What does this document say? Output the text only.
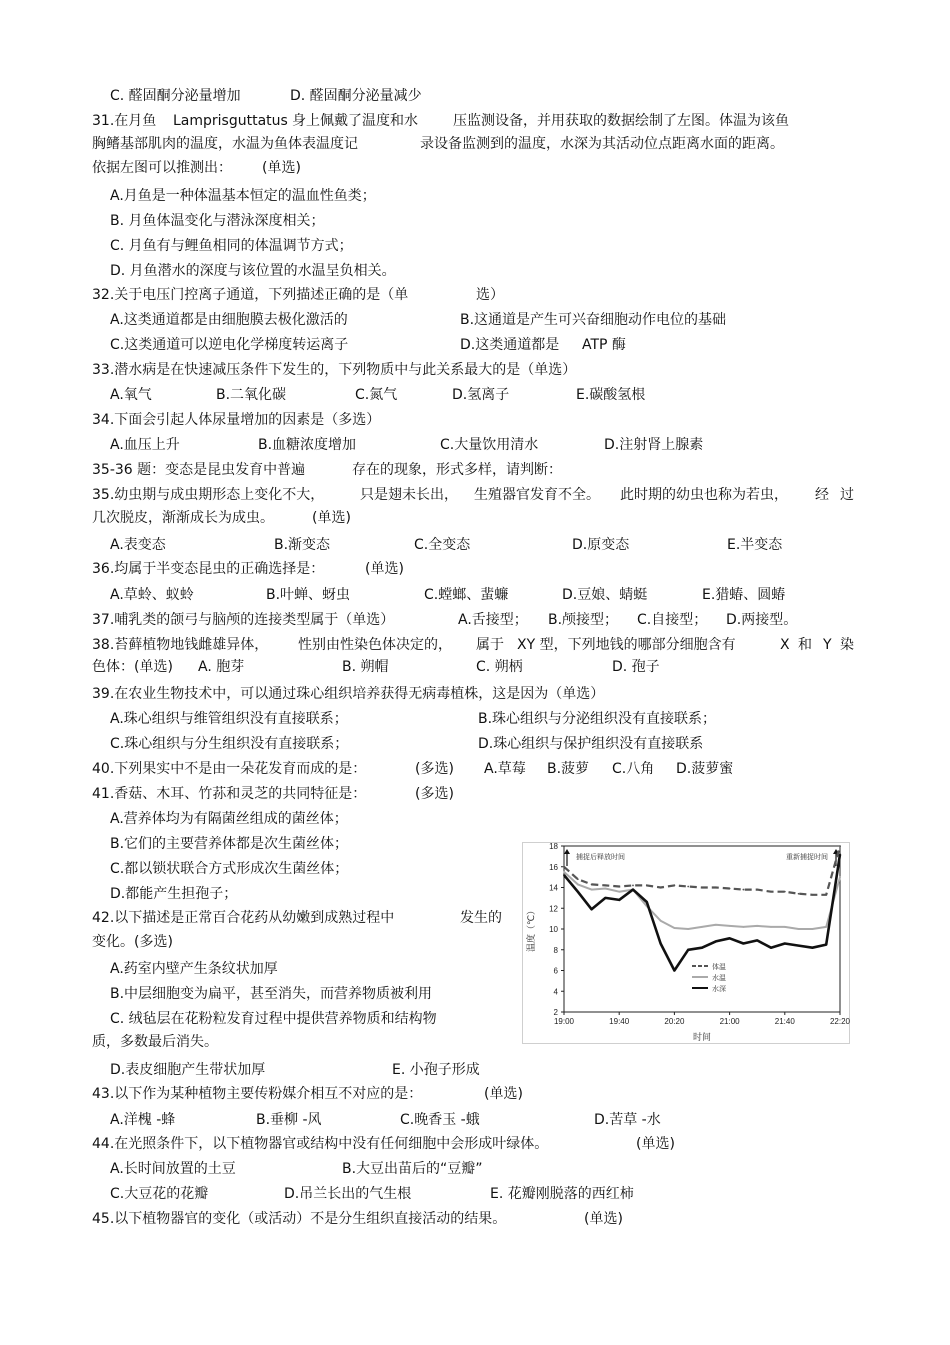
C. 醛固酮分泌量增加	D. 醛固酮分泌量减少
31.在月鱼 Lamprisguttatus 身上佩戴了温度和水	压监测设备，并用获取的数据绘制了左图。体温为该鱼
胸鳍基部肌肉的温度，水温为鱼体表温度记	录设备监测到的温度，水深为其活动位点距离水面的距离。
依据左图可以推测出： (单选)
A.月鱼是一种体温基本恒定的温血性鱼类；
B. 月鱼体温变化与潜泳深度相关；
C. 月鱼有与鲤鱼相同的体温调节方式；
D. 月鱼潜水的深度与该位置的水温呈负相关。
32.关于电压门控离子通道，下列描述正确的是（单	选）
A.这类通道都是由细胞膜去极化激活的	B.这通道是产生可兴奋细胞动作电位的基础
C.这类通道可以逆电化学梯度转运离子	D.这类通道都是 ATP 酶
33.潜水病是在快速减压条件下发生的，下列物质中与此关系最大的是（单选）
A.氧气	B.二氧化碳	C.氮气	D.氢离子	E.碳酸氢根
34.下面会引起人体尿量增加的因素是（多选）
A.血压上升	B.血糖浓度增加	C.大量饮用清水	D.注射肾上腺素
35-36 题：变态是昆虫发育中普遍	存在的现象，形式多样，请判断：
35.幼虫期与成虫期形态上变化不大，	只是翅未长出， 生殖器官发育不全。 此时期的幼虫也称为若虫， 经 过
几次脱皮，渐渐成长为成虫。	(单选)
A.表变态	B.渐变态	C.全变态	D.原变态	E.半变态
36.均属于半变态昆虫的正确选择是：	(单选)
A.草蛉、蚁蛉	B.叶蝉、蚜虫	C.螳螂、蜚蠊	D.豆娘、蜻蜓	E.猎蝽、圆蝽
37.哺乳类的颌弓与脑颅的连接类型属于（单选）	A.舌接型； B.颅接型； C.自接型； D.两接型。
38.苔藓植物地钱雌雄异体， 性别由性染色体决定的， 属于 XY 型，下列地钱的哪部分细胞含有	X 和 Y 染
色体：(单选) A. 胞芽	B. 朔帽	C. 朔柄	D. 孢子
39.在农业生物技术中，可以通过珠心组织培养获得无病毒植株，这是因为（单选）
A.珠心组织与维管组织没有直接联系；	B.珠心组织与分泌组织没有直接联系；
C.珠心组织与分生组织没有直接联系；	D.珠心组织与保护组织没有直接联系
40.下列果实中不是由一朵花发育而成的是：	(多选) A.草莓 B.菠萝 C.八角 D.菠萝蜜
41.香菇、木耳、竹荪和灵芝的共同特征是：	(多选)
A.营养体均为有隔菌丝组成的菌丝体；
B.它们的主要营养体都是次生菌丝体；
C.都以锁状联合方式形成次生菌丝体；
D.都能产生担孢子；
42.以下描述是正常百合花药从幼嫩到成熟过程中	发生的
变化。(多选)
A.药室内壁产生条纹状加厚
B.中层细胞变为扁平，甚至消失，而营养物质被利用
C. 绒毡层在花粉粒发育过程中提供营养物质和结构物
质，多数最后消失。
D.表皮细胞产生带状加厚	E. 小孢子形成
43.以下作为某种植物主要传粉媒介相互不对应的是：	(单选)
A.洋槐 -蜂	B.垂柳 -风	C.晚香玉 -蛾	D.苦草 -水
44.在光照条件下，以下植物器官或结构中没有任何细胞中会形成叶绿体。	(单选)
A.长时间放置的土豆	B.大豆出苗后的“豆瓣”
C.大豆花的花瓣	D.吊兰长出的气生根	E. 花瓣刚脱落的西红柿
45.以下植物器官的变化（或活动）不是分生组织直接活动的结果。	(单选)
2
4
6
8
10
12
14
16
18
19:00	19:40	20:20	21:00	21:40	22:20
时间
温度（℃）
捕捉后释放时间	重新捕捉时间
体温
水温
水深
